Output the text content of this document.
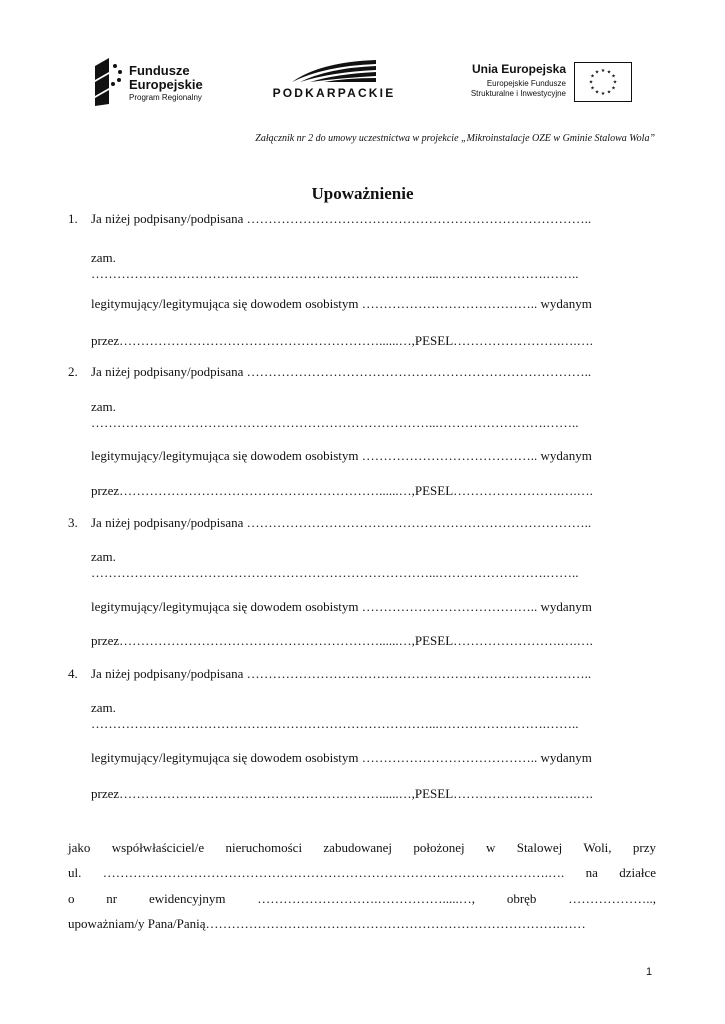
Fundusze
Europejskie
Program Regionalny	PODKARPACKIE
Unia Europejska
Europejskie Fundusze
Strukturalne i Inwestycyjne
★ ★
★
★
★
★
★
★
★
★
★
★
Załącznik nr 2 do umowy uczestnictwa w projekcie „Mikroinstalacje OZE w Gminie Stalowa Wola”
Upoważnienie
1. Ja niżej podpisany/podpisana ……………………………………………………………………..
zam.
……………………………………………………………………...…………………….……..
legitymujący/legitymująca się dowodem osobistym ………………………………….. wydanym
przez……………………………………………………......…,PESEL…………………….….….
2. Ja niżej podpisany/podpisana ……………………………………………………………………..
zam.
……………………………………………………………………...…………………….……..
legitymujący/legitymująca się dowodem osobistym ………………………………….. wydanym
przez……………………………………………………......…,PESEL…………………….….….
3. Ja niżej podpisany/podpisana ……………………………………………………………………..
zam.
……………………………………………………………………...…………………….……..
legitymujący/legitymująca się dowodem osobistym ………………………………….. wydanym
przez……………………………………………………......…,PESEL…………………….….….
4. Ja niżej podpisany/podpisana ……………………………………………………………………..
zam.
……………………………………………………………………...…………………….……..
legitymujący/legitymująca się dowodem osobistym ………………………………….. wydanym
przez……………………………………………………......…,PESEL…………………….….….
jako współwłaściciel/e nieruchomości zabudowanej położonej w Stalowej Woli, przy
ul. ………………………………………………………………………………………….…. na działce
o nr ewidencyjnym ……………………….…………….....…, obręb ………………..,
upoważniam/y Pana/Panią……………………………………………………………………….……
1
